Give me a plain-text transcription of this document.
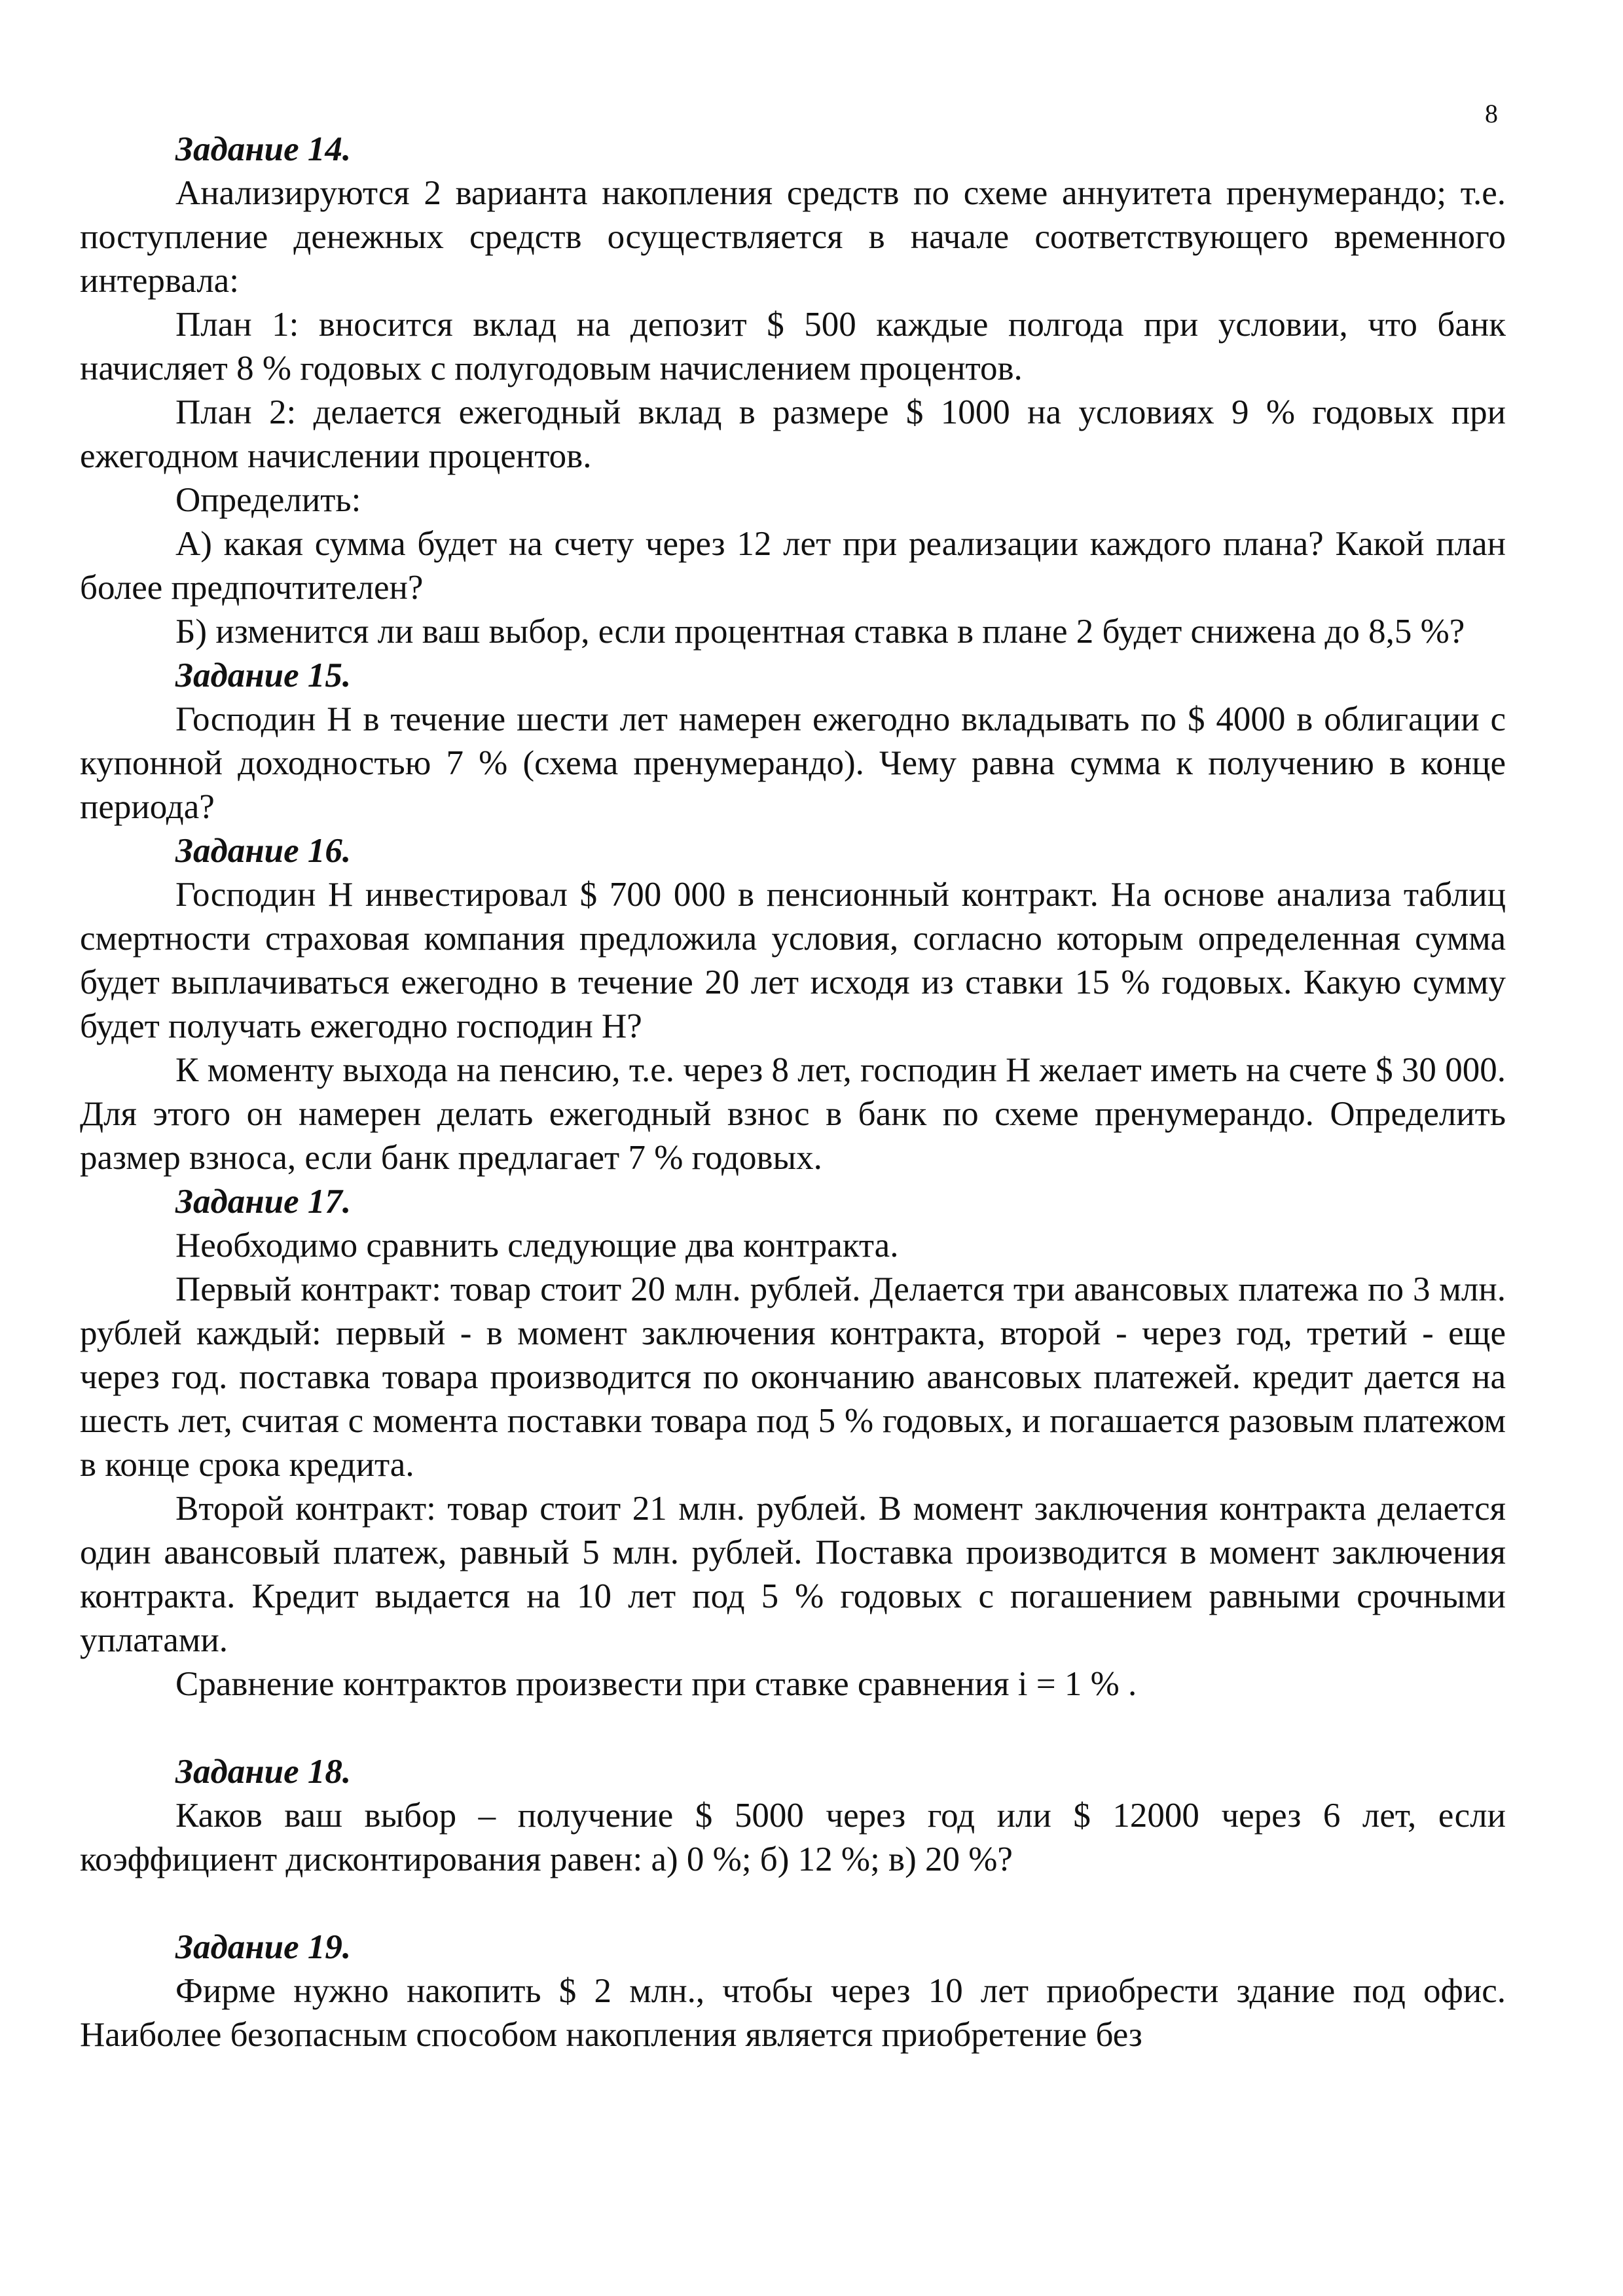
8

Задание 14.

Анализируются 2 варианта накопления средств по схеме аннуитета пренумерандо; т.е. поступление денежных средств осуществляется в начале соответствующего временного интервала:

План 1: вносится вклад на депозит $ 500 каждые полгода при условии, что банк начисляет 8 % годовых с полугодовым начислением процентов.

План 2: делается ежегодный вклад в размере $ 1000 на условиях 9 % годовых при ежегодном начислении процентов.

Определить:

А) какая сумма будет на счету через 12 лет при реализации каждого плана? Какой план более предпочтителен?

Б) изменится ли ваш выбор, если процентная ставка в плане 2 будет снижена до 8,5 %?

Задание 15.

Господин Н в течение шести лет намерен ежегодно вкладывать по $ 4000 в облигации с купонной доходностью 7 % (схема пренумерандо). Чему равна сумма к получению в конце периода?

Задание 16.

Господин Н инвестировал $ 700 000 в пенсионный контракт. На основе анализа таблиц смертности страховая компания предложила условия, согласно которым определенная сумма будет выплачиваться ежегодно в течение 20 лет исходя из ставки 15 % годовых. Какую сумму будет получать ежегодно господин Н?

К моменту выхода на пенсию, т.е. через 8 лет, господин Н желает иметь на счете $ 30 000. Для этого он намерен делать ежегодный взнос в банк по схеме пренумерандо. Определить размер взноса, если банк предлагает 7 % годовых.

Задание 17.

Необходимо сравнить следующие два контракта.

Первый контракт: товар стоит 20 млн. рублей. Делается три авансовых платежа по 3 млн. рублей каждый: первый - в момент заключения контракта, второй - через год, третий - еще через год. поставка товара производится по окончанию авансовых платежей. кредит дается на шесть лет, считая с момента поставки товара под 5 % годовых, и погашается разовым платежом в конце срока кредита.

Второй контракт: товар стоит 21 млн. рублей. В момент заключения контракта делается один авансовый платеж, равный 5 млн. рублей. Поставка производится в момент заключения контракта. Кредит выдается на 10 лет под 5 % годовых с погашением равными срочными уплатами.

Сравнение контрактов произвести при ставке сравнения i = 1 % .

Задание 18.

Каков ваш выбор – получение $ 5000 через год или $ 12000 через 6 лет, если коэффициент дисконтирования равен: а) 0 %; б) 12 %; в) 20 %?

Задание 19.

Фирме нужно накопить $ 2 млн., чтобы через 10 лет приобрести здание под офис. Наиболее безопасным способом накопления является приобретение без
